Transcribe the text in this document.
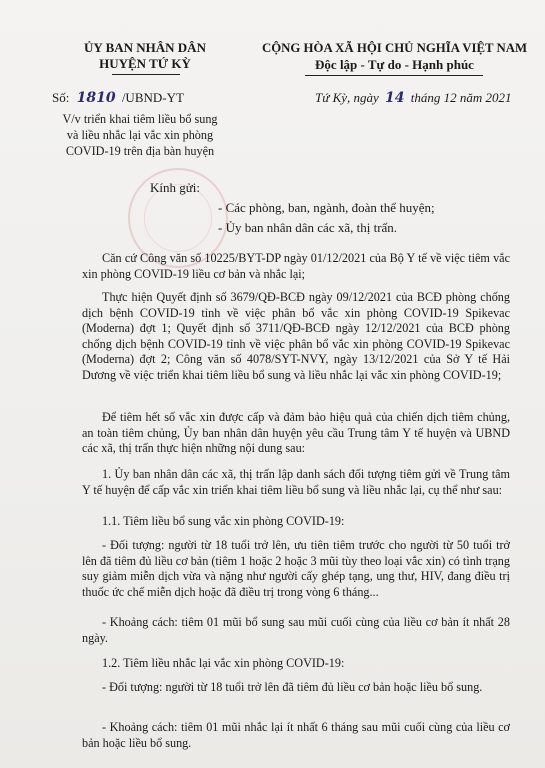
ỦY BAN NHÂN DÂN
HUYỆN TỨ KỲ
CỘNG HÒA XÃ HỘI CHỦ NGHĨA VIỆT NAM
Độc lập - Tự do - Hạnh phúc
Số: 1810 /UBND-YT	Tứ Kỳ, ngày 14 tháng 12 năm 2021
V/v triển khai tiêm liều bổ sung
và liều nhắc lại vắc xin phòng
COVID-19 trên địa bàn huyện
Kính gửi:
- Các phòng, ban, ngành, đoàn thể huyện;
- Ủy ban nhân dân các xã, thị trấn.
Căn cứ Công văn số 10225/BYT-DP ngày 01/12/2021 của Bộ Y tế về việc tiêm vắc xin phòng COVID-19 liều cơ bản và nhắc lại;
Thực hiện Quyết định số 3679/QĐ-BCĐ ngày 09/12/2021 của BCĐ phòng chống dịch bệnh COVID-19 tỉnh về việc phân bổ vắc xin phòng COVID-19 Spikevac (Moderna) đợt 1; Quyết định số 3711/QĐ-BCĐ ngày 12/12/2021 của BCĐ phòng chống dịch bệnh COVID-19 tỉnh về việc phân bổ vắc xin phòng COVID-19 Spikevac (Moderna) đợt 2; Công văn số 4078/SYT-NVY, ngày 13/12/2021 của Sở Y tế Hải Dương về việc triển khai tiêm liều bổ sung và liều nhắc lại vắc xin phòng COVID-19;
Để tiêm hết số vắc xin được cấp và đảm bảo hiệu quả của chiến dịch tiêm chủng, an toàn tiêm chủng, Ủy ban nhân dân huyện yêu cầu Trung tâm Y tế huyện và UBND các xã, thị trấn thực hiện những nội dung sau:
1. Ủy ban nhân dân các xã, thị trấn lập danh sách đối tượng tiêm gửi về Trung tâm Y tế huyện để cấp vắc xin triển khai tiêm liều bổ sung và liều nhắc lại, cụ thể như sau:
1.1. Tiêm liều bổ sung vắc xin phòng COVID-19:
- Đối tượng: người từ 18 tuổi trở lên, ưu tiên tiêm trước cho người từ 50 tuổi trở lên đã tiêm đủ liều cơ bản (tiêm 1 hoặc 2 hoặc 3 mũi tùy theo loại vắc xin) có tình trạng suy giảm miễn dịch vừa và nặng như người cấy ghép tạng, ung thư, HIV, đang điều trị thuốc ức chế miễn dịch hoặc đã điều trị trong vòng 6 tháng...
- Khoảng cách: tiêm 01 mũi bổ sung sau mũi cuối cùng của liều cơ bản ít nhất 28 ngày.
1.2. Tiêm liều nhắc lại vắc xin phòng COVID-19:
- Đối tượng: người từ 18 tuổi trở lên đã tiêm đủ liều cơ bản hoặc liều bổ sung.
- Khoảng cách: tiêm 01 mũi nhắc lại ít nhất 6 tháng sau mũi cuối cùng của liều cơ bản hoặc liều bổ sung.
